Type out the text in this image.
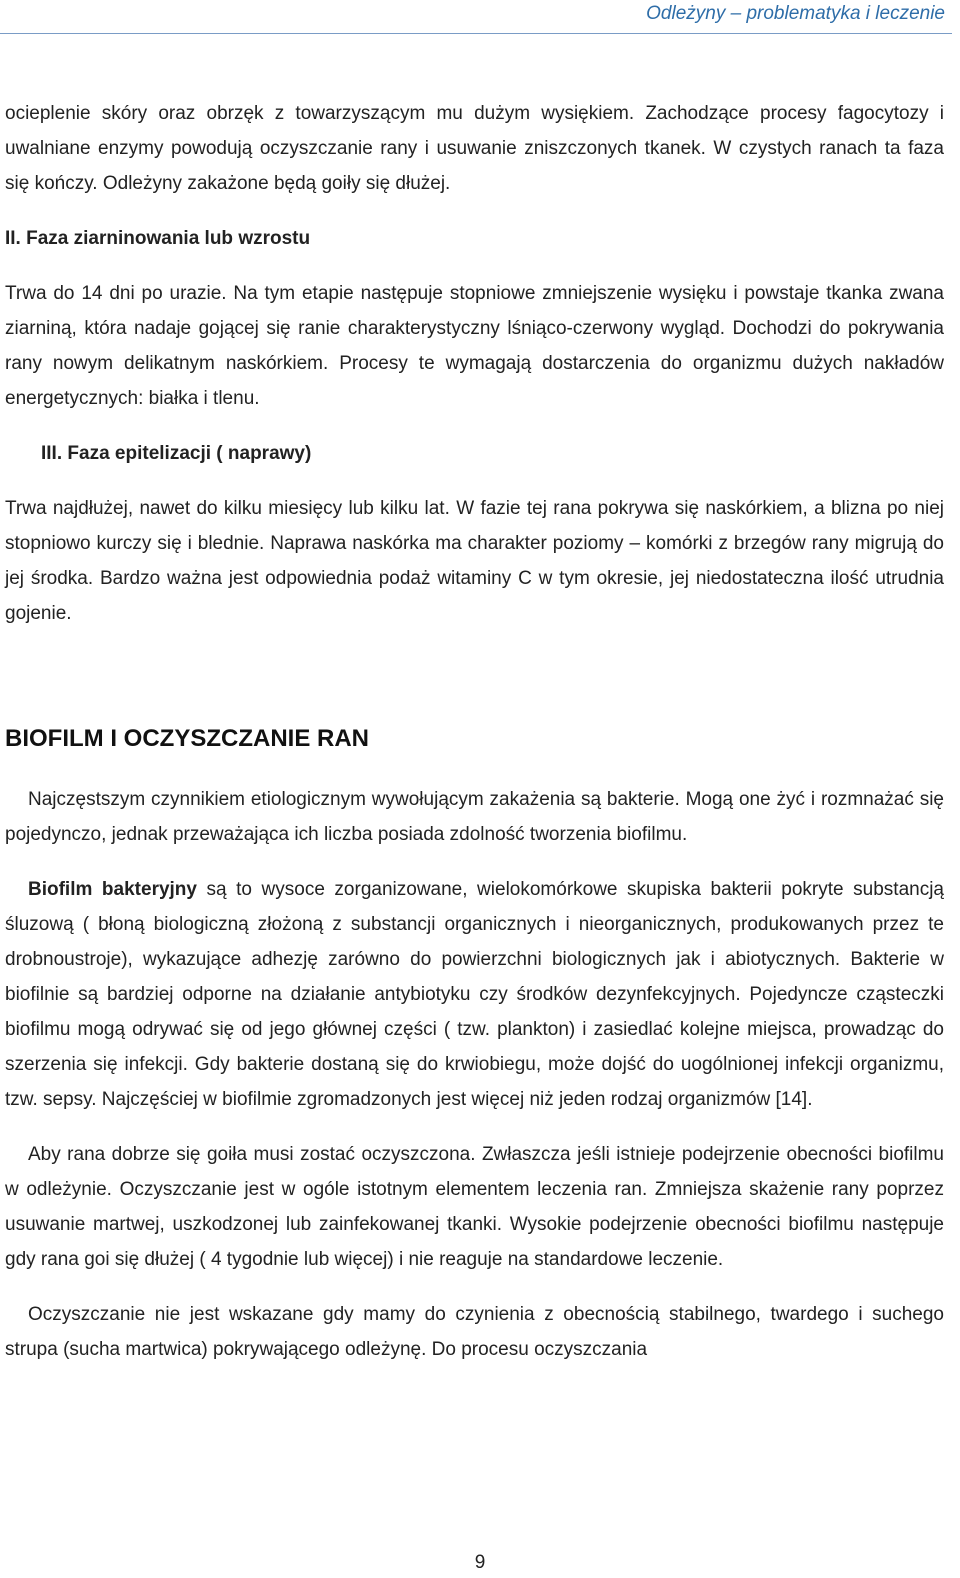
Odleżyny – problematyka i leczenie

ocieplenie skóry oraz obrzęk z towarzyszącym mu dużym wysiękiem. Zachodzące procesy fagocytozy i uwalniane enzymy powodują oczyszczanie rany i usuwanie zniszczonych tkanek. W czystych ranach ta faza się kończy. Odleżyny zakażone będą goiły się dłużej.

II. Faza ziarninowania lub wzrostu

Trwa do 14 dni po urazie. Na tym etapie następuje stopniowe zmniejszenie wysięku i powstaje tkanka zwana ziarniną, która nadaje gojącej się ranie charakterystyczny lśniąco-czerwony wygląd. Dochodzi do pokrywania rany nowym delikatnym naskórkiem. Procesy te wymagają dostarczenia do organizmu dużych nakładów energetycznych: białka i tlenu.

III. Faza epitelizacji ( naprawy)

Trwa najdłużej, nawet do kilku miesięcy lub kilku lat. W fazie tej rana pokrywa się naskórkiem, a blizna po niej stopniowo kurczy się i blednie. Naprawa naskórka ma charakter poziomy – komórki z brzegów rany migrują do jej środka. Bardzo ważna jest odpowiednia podaż witaminy C w tym okresie, jej niedostateczna ilość utrudnia gojenie.

BIOFILM I OCZYSZCZANIE RAN

Najczęstszym czynnikiem etiologicznym wywołującym zakażenia są bakterie. Mogą one żyć i rozmnażać się pojedynczo, jednak przeważająca ich liczba posiada zdolność tworzenia biofilmu.

Biofilm bakteryjny są to wysoce zorganizowane, wielokomórkowe skupiska bakterii pokryte substancją śluzową ( błoną biologiczną złożoną z substancji organicznych i nieorganicznych, produkowanych przez te drobnoustroje), wykazujące adhezję zarówno do powierzchni biologicznych jak i abiotycznych. Bakterie w biofilnie są bardziej odporne na działanie antybiotyku czy środków dezynfekcyjnych. Pojedyncze cząsteczki biofilmu mogą odrywać się od jego głównej części ( tzw. plankton) i zasiedlać kolejne miejsca, prowadząc do szerzenia się infekcji. Gdy bakterie dostaną się do krwiobiegu, może dojść do uogólnionej infekcji organizmu, tzw. sepsy. Najczęściej w biofilmie zgromadzonych jest więcej niż jeden rodzaj organizmów [14].

Aby rana dobrze się goiła musi zostać oczyszczona. Zwłaszcza jeśli istnieje podejrzenie obecności biofilmu w odleżynie. Oczyszczanie jest w ogóle istotnym elementem leczenia ran. Zmniejsza skażenie rany poprzez usuwanie martwej, uszkodzonej lub zainfekowanej tkanki. Wysokie podejrzenie obecności biofilmu następuje gdy rana goi się dłużej ( 4 tygodnie lub więcej) i nie reaguje na standardowe leczenie.

Oczyszczanie nie jest wskazane gdy mamy do czynienia z obecnością stabilnego, twardego i suchego strupa (sucha martwica) pokrywającego odleżynę. Do procesu oczyszczania

9
